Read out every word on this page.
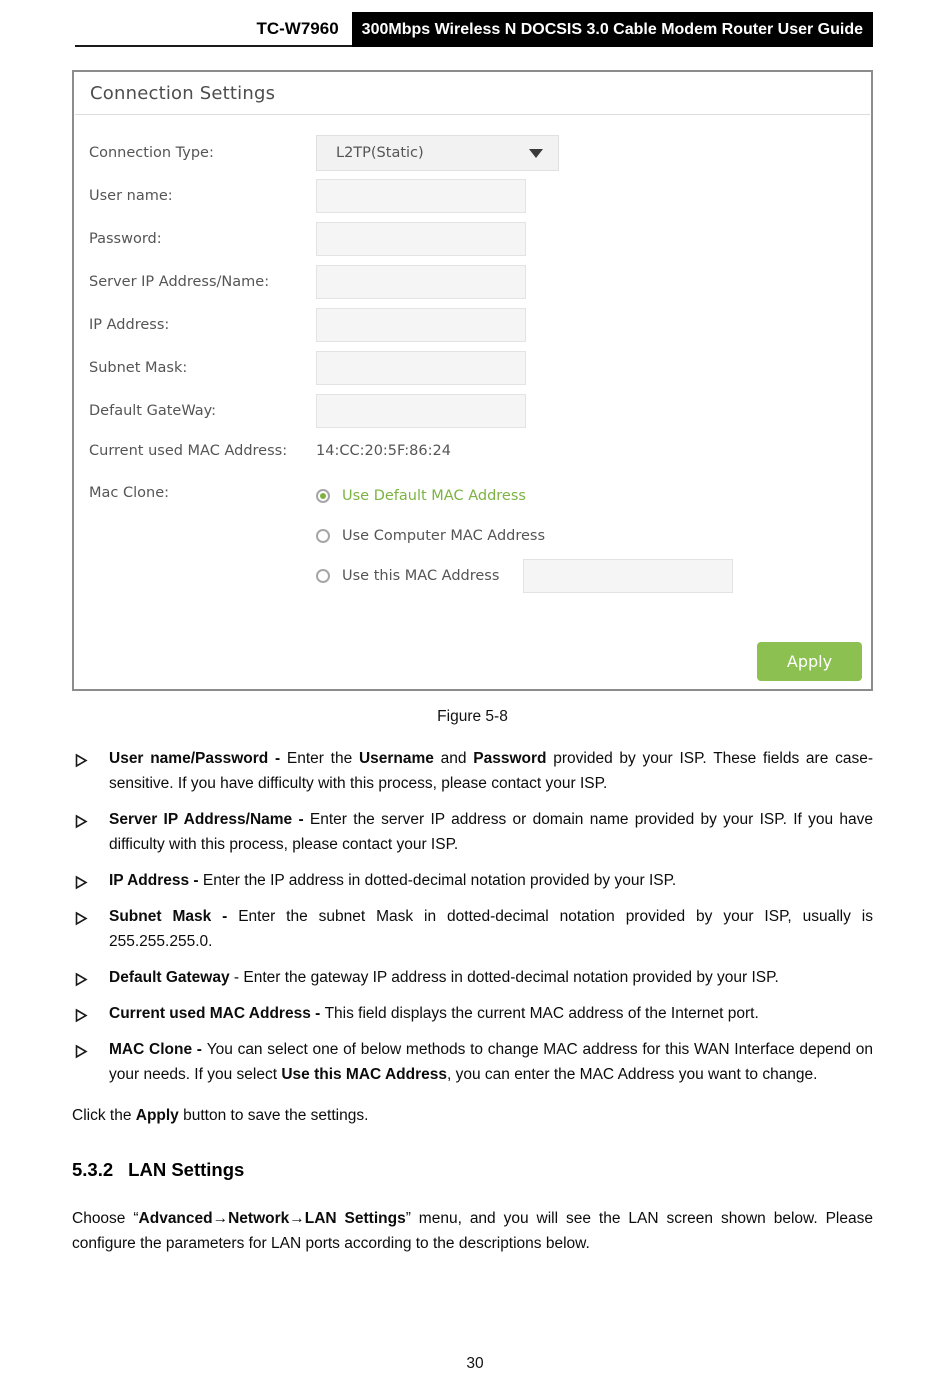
TC-W7960	300Mbps Wireless N DOCSIS 3.0 Cable Modem Router User Guide
Connection Settings
Connection Type:	L2TP(Static)
User name:
Password:
Server IP Address/Name:
IP Address:
Subnet Mask:
Default GateWay:
Current used MAC Address:	14:CC:20:5F:86:24
Mac Clone:	Use Default MAC Address
Use Computer MAC Address
Use this MAC Address
Apply
Figure 5-8
User name/Password - Enter the Username and Password provided by your ISP. These fields are case-sensitive. If you have difficulty with this process, please contact your ISP.
Server IP Address/Name - Enter the server IP address or domain name provided by your ISP. If you have difficulty with this process, please contact your ISP.
IP Address - Enter the IP address in dotted-decimal notation provided by your ISP.
Subnet Mask - Enter the subnet Mask in dotted-decimal notation provided by your ISP, usually is 255.255.255.0.
Default Gateway - Enter the gateway IP address in dotted-decimal notation provided by your ISP.
Current used MAC Address - This field displays the current MAC address of the Internet port.
MAC Clone - You can select one of below methods to change MAC address for this WAN Interface depend on your needs. If you select Use this MAC Address, you can enter the MAC Address you want to change.

Click the Apply button to save the settings.

5.3.2 LAN Settings

Choose “Advanced→Network→LAN Settings” menu, and you will see the LAN screen shown below. Please configure the parameters for LAN ports according to the descriptions below.

30
